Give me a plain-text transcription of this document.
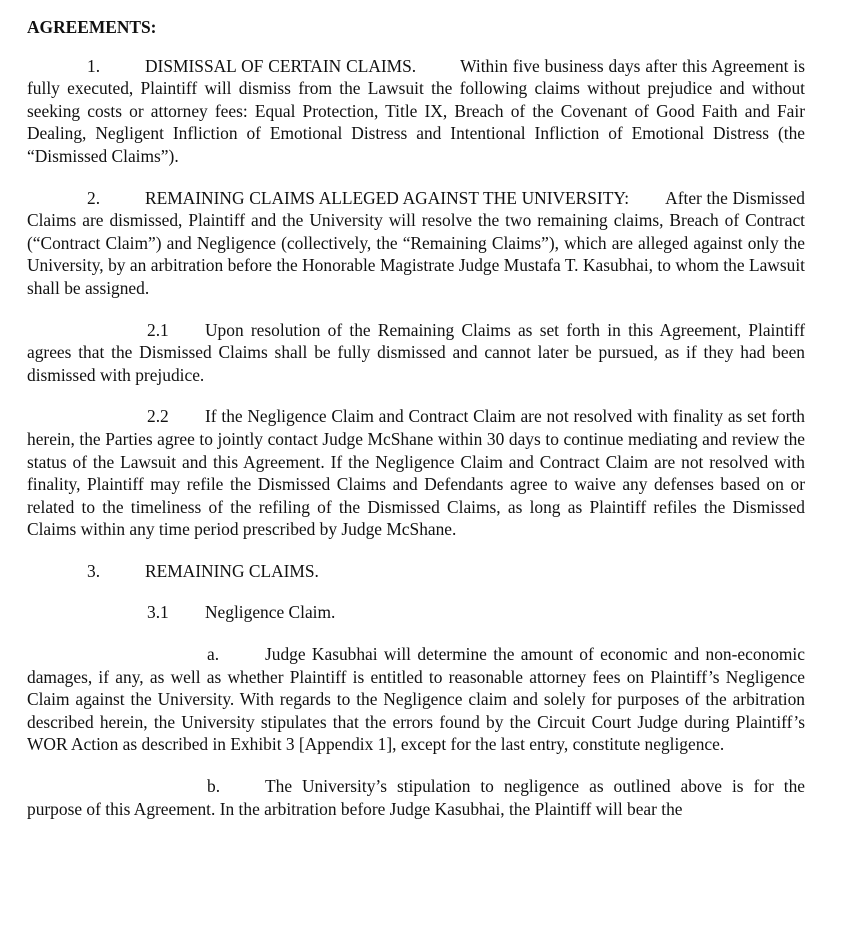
AGREEMENTS:

1.	DISMISSAL OF CERTAIN CLAIMS.	Within five business days after this Agreement is fully executed, Plaintiff will dismiss from the Lawsuit the following claims without prejudice and without seeking costs or attorney fees: Equal Protection, Title IX, Breach of the Covenant of Good Faith and Fair Dealing, Negligent Infliction of Emotional Distress and Intentional Infliction of Emotional Distress (the “Dismissed Claims”).

2.	REMAINING CLAIMS ALLEGED AGAINST THE UNIVERSITY: After the Dismissed Claims are dismissed, Plaintiff and the University will resolve the two remaining claims, Breach of Contract (“Contract Claim”) and Negligence (collectively, the “Remaining Claims”), which are alleged against only the University, by an arbitration before the Honorable Magistrate Judge Mustafa T. Kasubhai, to whom the Lawsuit shall be assigned.

2.1 Upon resolution of the Remaining Claims as set forth in this Agreement, Plaintiff agrees that the Dismissed Claims shall be fully dismissed and cannot later be pursued, as if they had been dismissed with prejudice.

2.2 If the Negligence Claim and Contract Claim are not resolved with finality as set forth herein, the Parties agree to jointly contact Judge McShane within 30 days to continue mediating and review the status of the Lawsuit and this Agreement. If the Negligence Claim and Contract Claim are not resolved with finality, Plaintiff may refile the Dismissed Claims and Defendants agree to waive any defenses based on or related to the timeliness of the refiling of the Dismissed Claims, as long as Plaintiff refiles the Dismissed Claims within any time period prescribed by Judge McShane.

3.	REMAINING CLAIMS.

3.1 Negligence Claim.

a.	Judge Kasubhai will determine the amount of economic and non-economic damages, if any, as well as whether Plaintiff is entitled to reasonable attorney fees on Plaintiff’s Negligence Claim against the University. With regards to the Negligence claim and solely for purposes of the arbitration described herein, the University stipulates that the errors found by the Circuit Court Judge during Plaintiff’s WOR Action as described in Exhibit 3 [Appendix 1], except for the last entry, constitute negligence.

b.	The University’s stipulation to negligence as outlined above is for the purpose of this Agreement. In the arbitration before Judge Kasubhai, the Plaintiff will bear the
